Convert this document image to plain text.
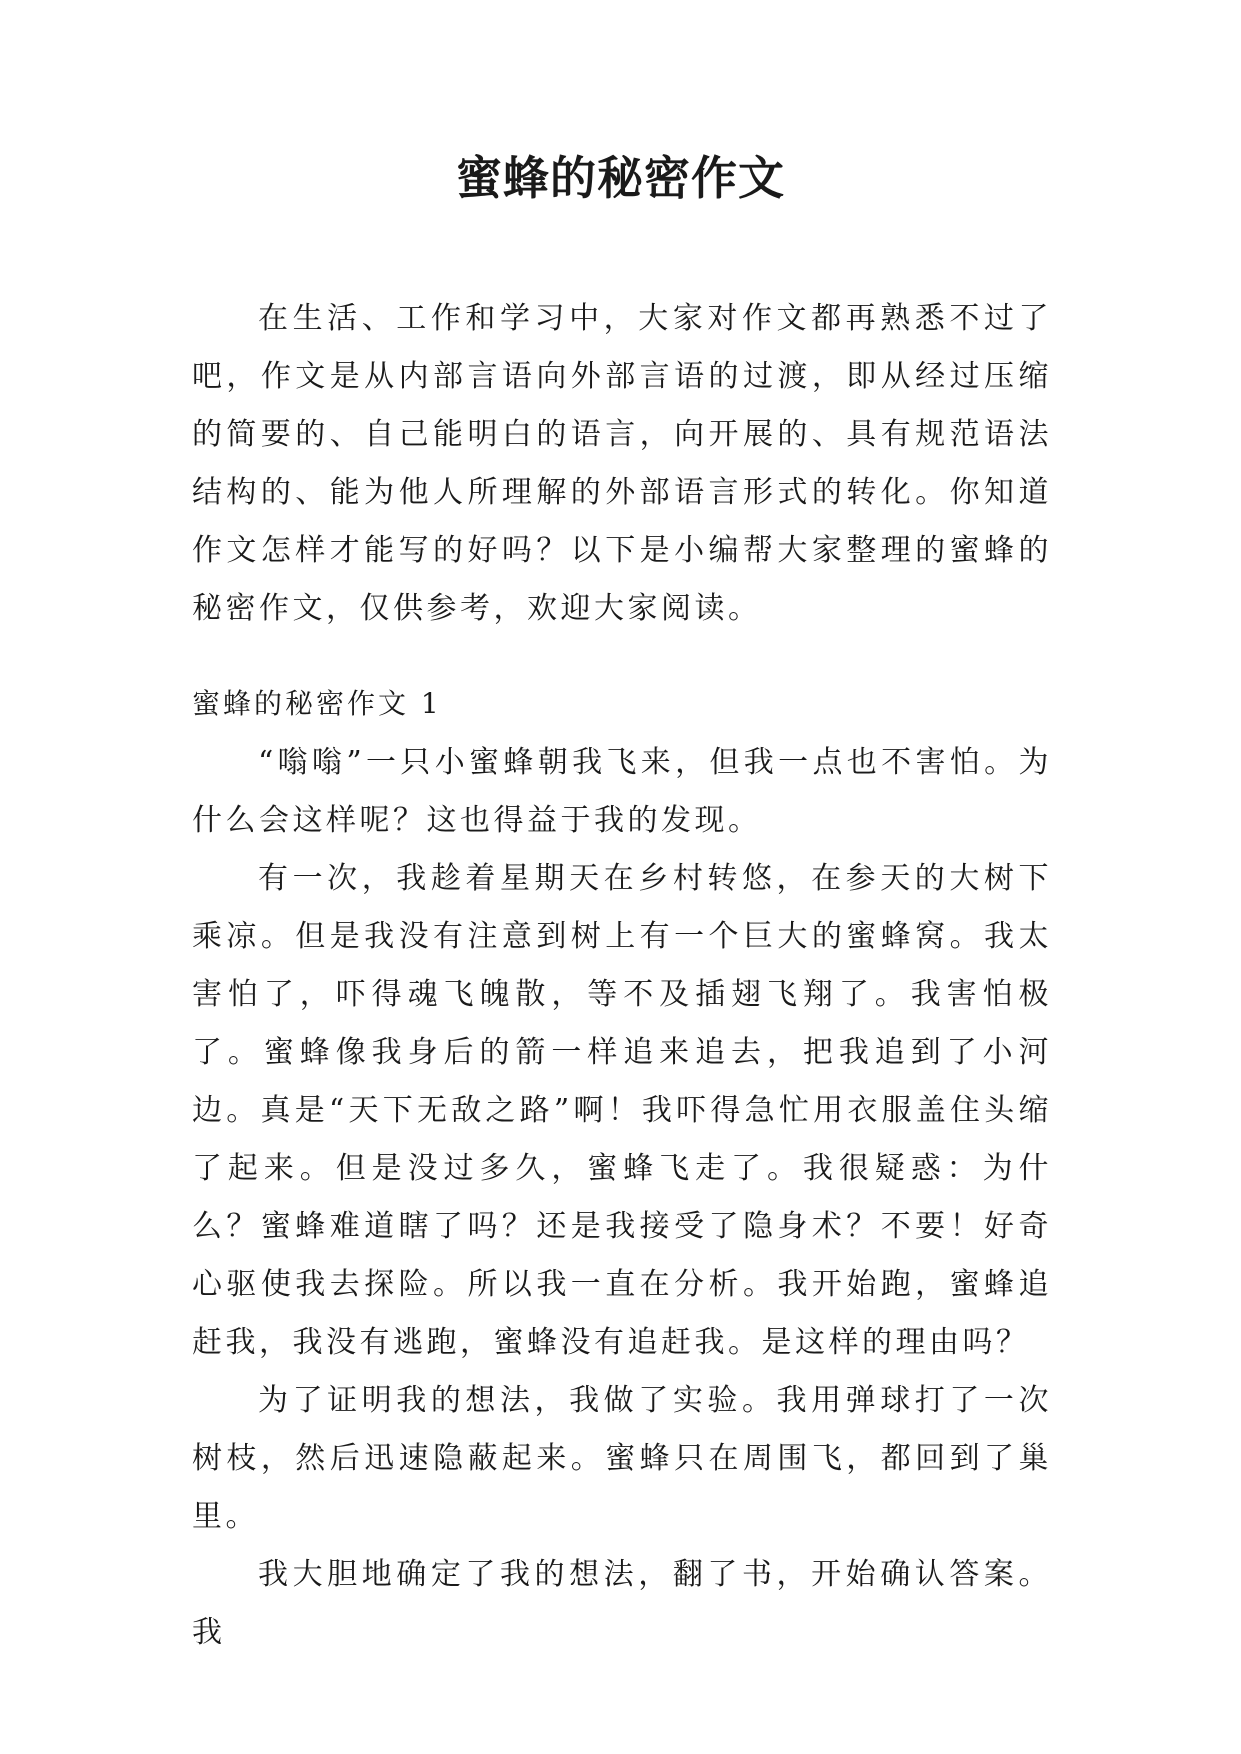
蜜蜂的秘密作文

在生活、工作和学习中，大家对作文都再熟悉不过了吧，作文是从内部言语向外部言语的过渡，即从经过压缩的简要的、自己能明白的语言，向开展的、具有规范语法结构的、能为他人所理解的外部语言形式的转化。你知道作文怎样才能写的好吗？以下是小编帮大家整理的蜜蜂的秘密作文，仅供参考，欢迎大家阅读。

蜜蜂的秘密作文 1

“嗡嗡”一只小蜜蜂朝我飞来，但我一点也不害怕。为什么会这样呢？这也得益于我的发现。

有一次，我趁着星期天在乡村转悠，在参天的大树下乘凉。但是我没有注意到树上有一个巨大的蜜蜂窝。我太害怕了，吓得魂飞魄散，等不及插翅飞翔了。我害怕极了。蜜蜂像我身后的箭一样追来追去，把我追到了小河边。真是“天下无敌之路”啊！我吓得急忙用衣服盖住头缩了起来。但是没过多久，蜜蜂飞走了。我很疑惑：为什么？蜜蜂难道瞎了吗？还是我接受了隐身术？不要！好奇心驱使我去探险。所以我一直在分析。我开始跑，蜜蜂追赶我，我没有逃跑，蜜蜂没有追赶我。是这样的理由吗？

为了证明我的想法，我做了实验。我用弹球打了一次树枝，然后迅速隐蔽起来。蜜蜂只在周围飞，都回到了巢里。

我大胆地确定了我的想法，翻了书，开始确认答案。我
